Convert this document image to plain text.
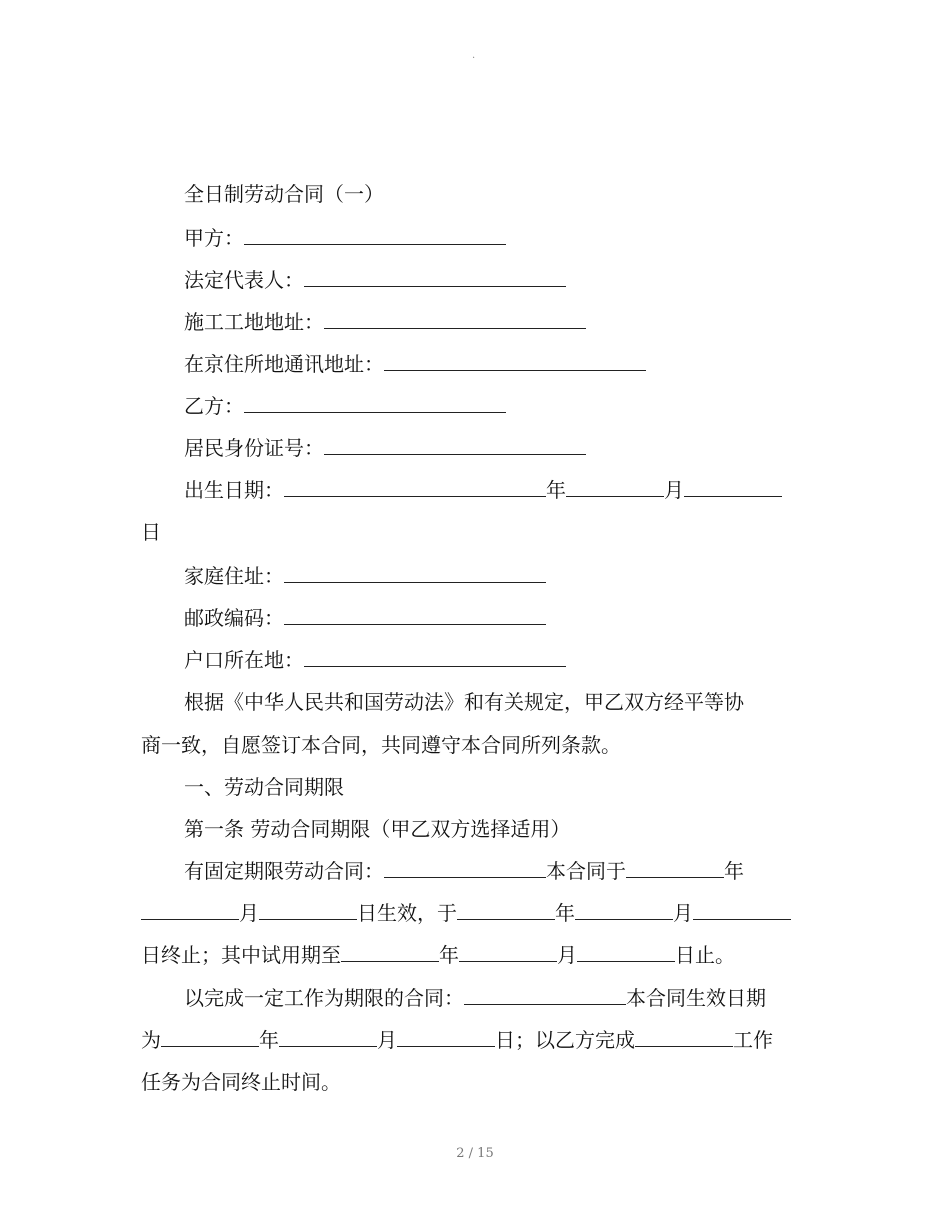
.
全日制劳动合同（一）
甲方：
法定代表人：
施工工地地址：
在京住所地通讯地址：
乙方：
居民身份证号：
出生日期：	年	月
日
家庭住址：
邮政编码：
户口所在地：
根据《中华人民共和国劳动法》和有关规定，甲乙双方经平等协
商一致，自愿签订本合同，共同遵守本合同所列条款。
一、劳动合同期限
第一条 劳动合同期限（甲乙双方选择适用）
有固定期限劳动合同：	本合同于	年
月	日生效，于	年	月
日终止；其中试用期至	年	月	日止。
以完成一定工作为期限的合同：	本合同生效日期
为	年	月	日；以乙方完成	工作
任务为合同终止时间。
2 / 15
